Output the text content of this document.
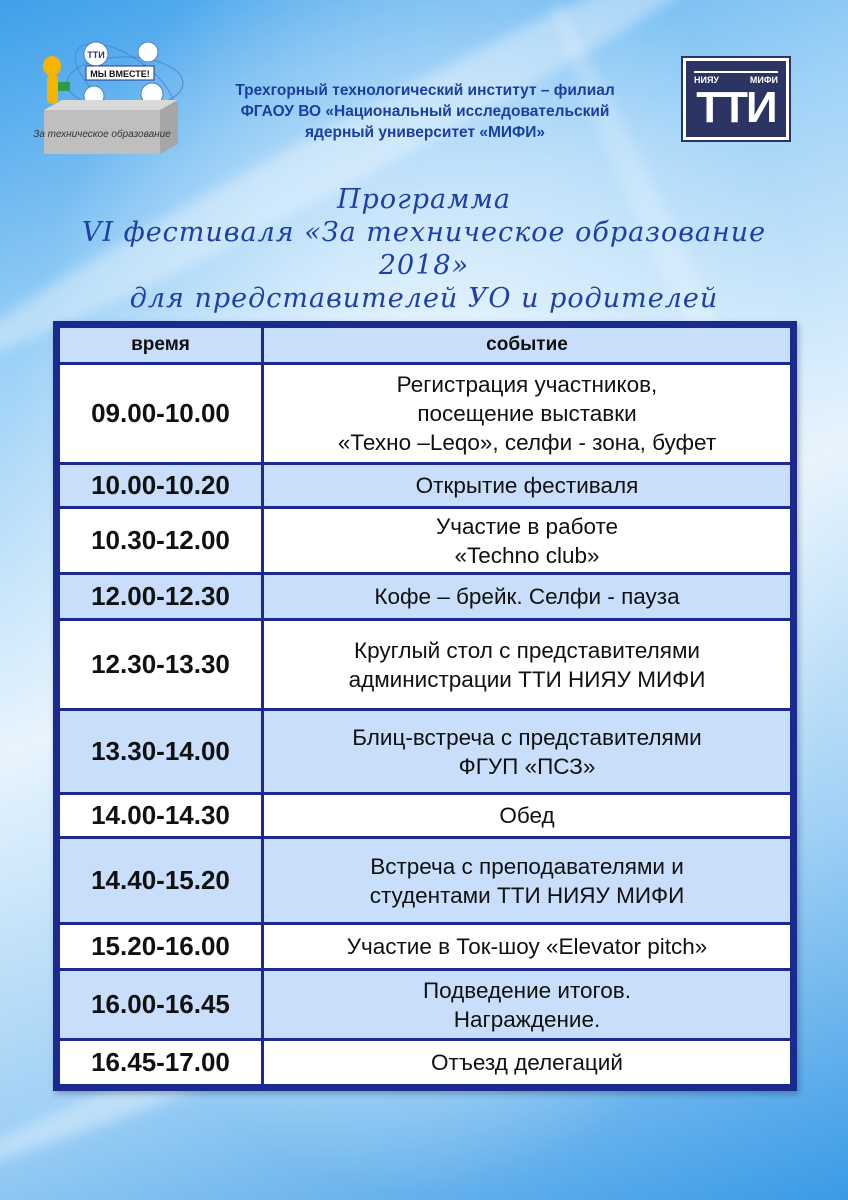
ТТИ
МЫ ВМЕСТЕ!
За техническое образование
Трехгорный технологический институт – филиал
ФГАОУ ВО «Национальный исследовательский
ядерный университет «МИФИ»
НИЯУ	МИФИ
ТТИ
Программа
VI фестиваля «За техническое образование 2018»
для представителей УО и родителей
время	событие
09.00-10.00	Регистрация участников,
посещение выставки
«Техно –Leqo», селфи - зона, буфет

10.00-10.20	Открытие фестиваля

10.30-12.00	Участие в работе
«Techno club»

12.00-12.30	Кофе – брейк. Селфи - пауза

12.30-13.30	Круглый стол с представителями
администрации ТТИ НИЯУ МИФИ

13.30-14.00	Блиц-встреча с представителями
ФГУП «ПСЗ»

14.00-14.30	Обед

14.40-15.20	Встреча с преподавателями и
студентами ТТИ НИЯУ МИФИ

15.20-16.00	Участие в Ток-шоу «Elevator pitch»

16.00-16.45	Подведение итогов.
Награждение.

16.45-17.00	Отъезд делегаций
